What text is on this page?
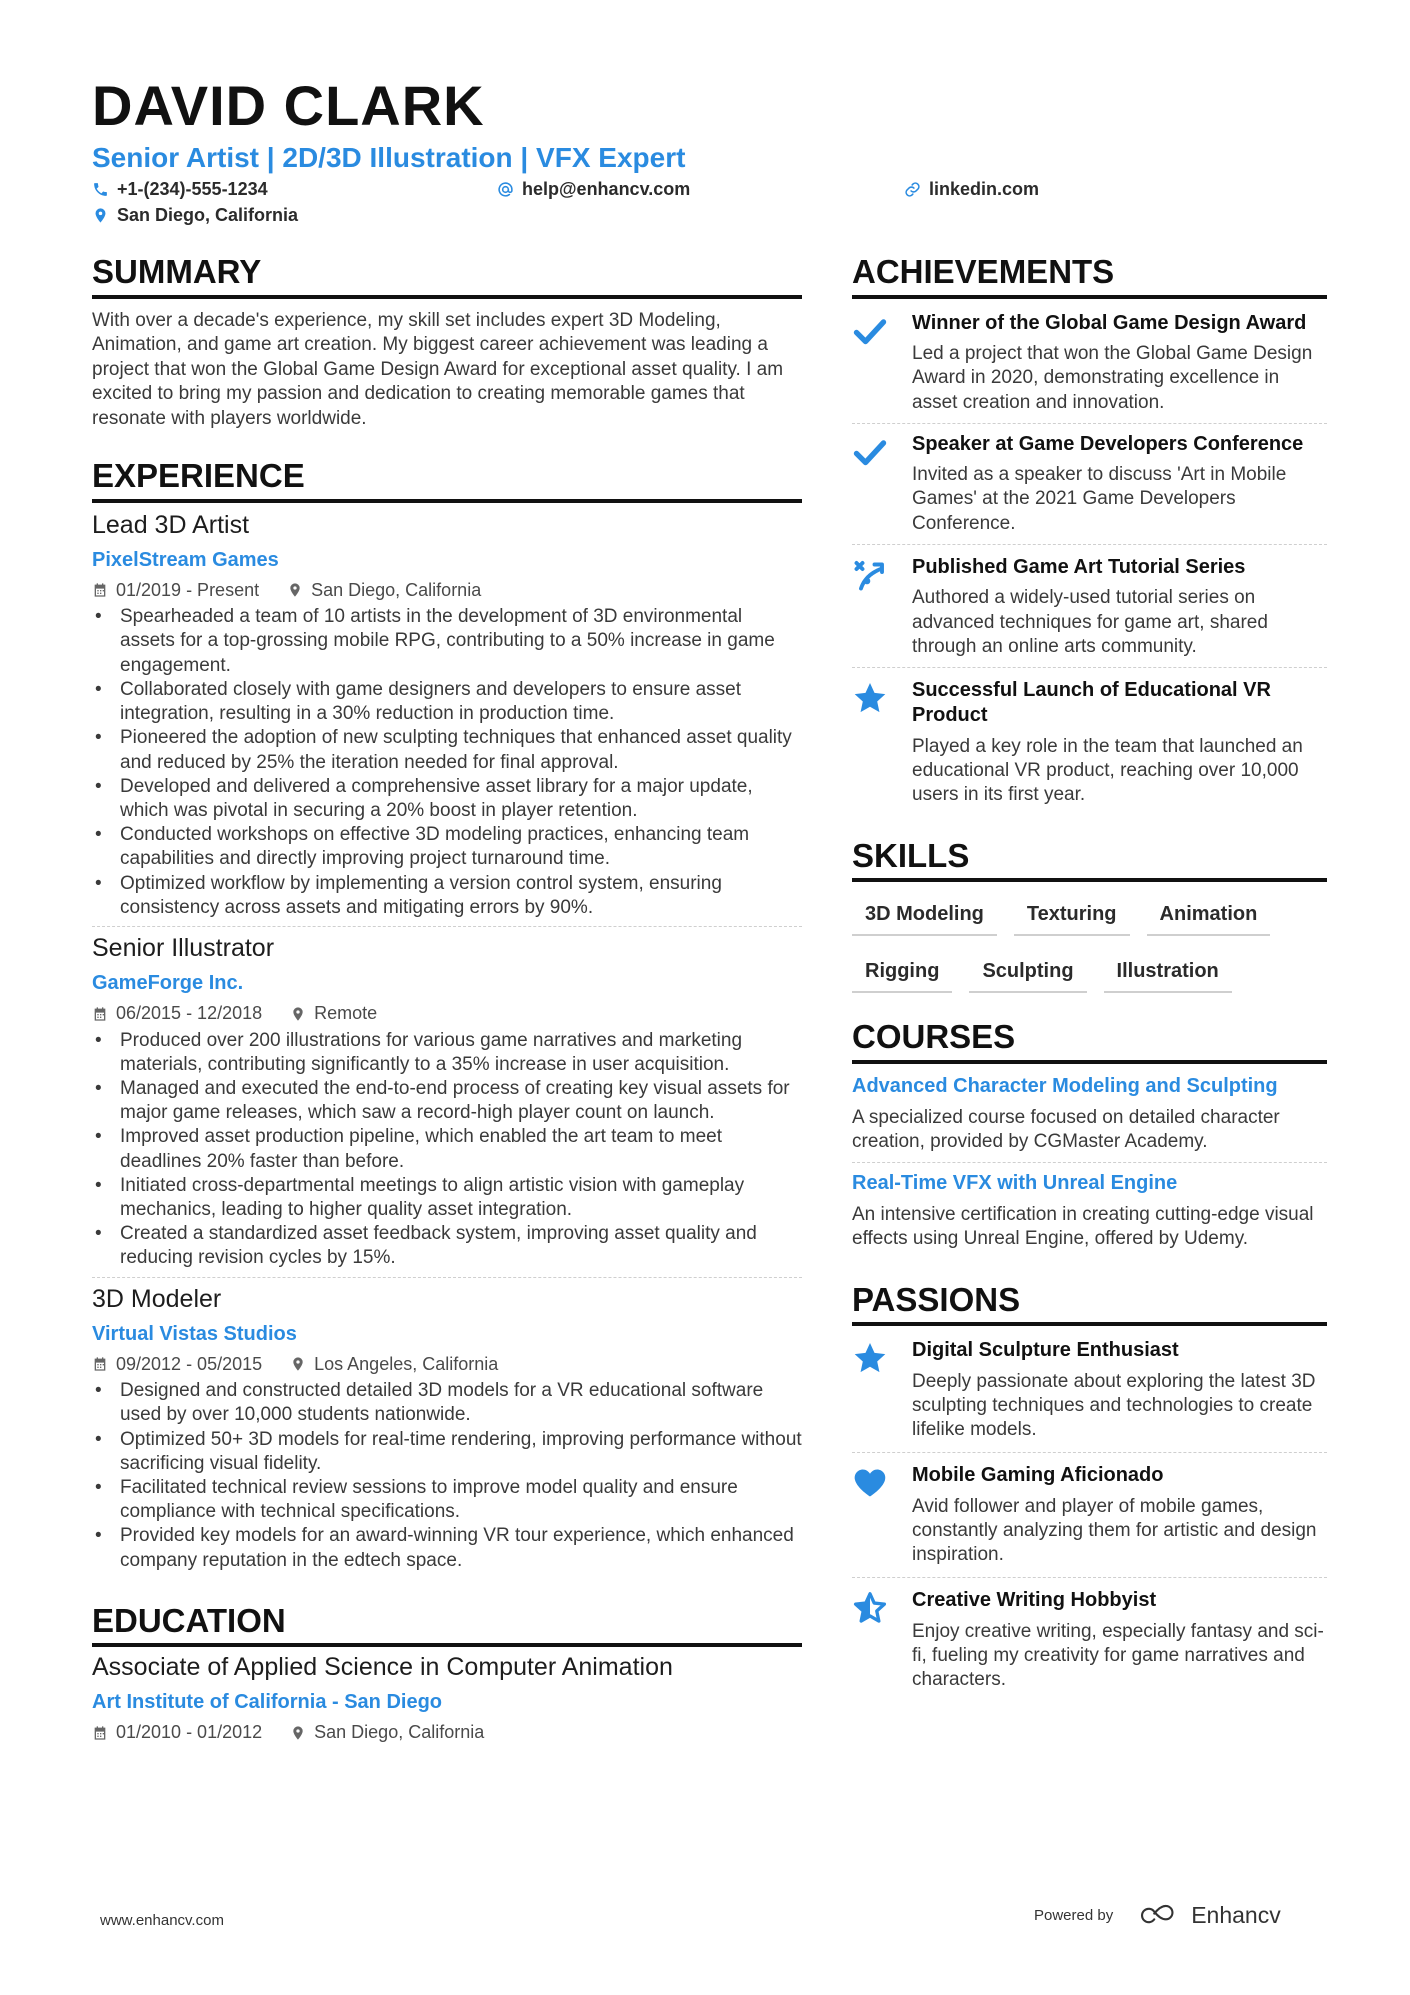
DAVID CLARK
Senior Artist | 2D/3D Illustration | VFX Expert
+1-(234)-555-1234	help@enhancv.com	linkedin.com
San Diego, California
SUMMARY

With over a decade's experience, my skill set includes expert 3D Modeling, Animation, and game art creation. My biggest career achievement was leading a project that won the Global Game Design Award for exceptional asset quality. I am excited to bring my passion and dedication to creating memorable games that resonate with players worldwide.

EXPERIENCE
Lead 3D Artist
PixelStream Games
01/2019 - Present	San Diego, California
• Spearheaded a team of 10 artists in the development of 3D environmental assets for a top-grossing mobile RPG, contributing to a 50% increase in game engagement.
• Collaborated closely with game designers and developers to ensure asset integration, resulting in a 30% reduction in production time.
• Pioneered the adoption of new sculpting techniques that enhanced asset quality and reduced by 25% the iteration needed for final approval.
• Developed and delivered a comprehensive asset library for a major update, which was pivotal in securing a 20% boost in player retention.
• Conducted workshops on effective 3D modeling practices, enhancing team capabilities and directly improving project turnaround time.
• Optimized workflow by implementing a version control system, ensuring consistency across assets and mitigating errors by 90%.
Senior Illustrator
GameForge Inc.
06/2015 - 12/2018	Remote
• Produced over 200 illustrations for various game narratives and marketing materials, contributing significantly to a 35% increase in user acquisition.
• Managed and executed the end-to-end process of creating key visual assets for major game releases, which saw a record-high player count on launch.
• Improved asset production pipeline, which enabled the art team to meet deadlines 20% faster than before.
• Initiated cross-departmental meetings to align artistic vision with gameplay mechanics, leading to higher quality asset integration.
• Created a standardized asset feedback system, improving asset quality and reducing revision cycles by 15%.
3D Modeler
Virtual Vistas Studios
09/2012 - 05/2015	Los Angeles, California
• Designed and constructed detailed 3D models for a VR educational software used by over 10,000 students nationwide.
• Optimized 50+ 3D models for real-time rendering, improving performance without sacrificing visual fidelity.
• Facilitated technical review sessions to improve model quality and ensure compliance with technical specifications.
• Provided key models for an award-winning VR tour experience, which enhanced company reputation in the edtech space.
EDUCATION
Associate of Applied Science in Computer Animation
Art Institute of California - San Diego
01/2010 - 01/2012	San Diego, California
ACHIEVEMENTS
Winner of the Global Game Design Award
Led a project that won the Global Game Design Award in 2020, demonstrating excellence in asset creation and innovation.
Speaker at Game Developers Conference
Invited as a speaker to discuss 'Art in Mobile Games' at the 2021 Game Developers Conference.
Published Game Art Tutorial Series
Authored a widely-used tutorial series on advanced techniques for game art, shared through an online arts community.
Successful Launch of Educational VR Product
Played a key role in the team that launched an educational VR product, reaching over 10,000 users in its first year.
SKILLS
3D Modeling	Texturing	Animation
Rigging	Sculpting	Illustration
COURSES
Advanced Character Modeling and Sculpting
A specialized course focused on detailed character creation, provided by CGMaster Academy.
Real-Time VFX with Unreal Engine
An intensive certification in creating cutting-edge visual effects using Unreal Engine, offered by Udemy.
PASSIONS
Digital Sculpture Enthusiast
Deeply passionate about exploring the latest 3D sculpting techniques and technologies to create lifelike models.
Mobile Gaming Aficionado
Avid follower and player of mobile games, constantly analyzing them for artistic and design inspiration.
Creative Writing Hobbyist
Enjoy creative writing, especially fantasy and sci-fi, fueling my creativity for game narratives and characters.
www.enhancv.com	Powered by	Enhancv
